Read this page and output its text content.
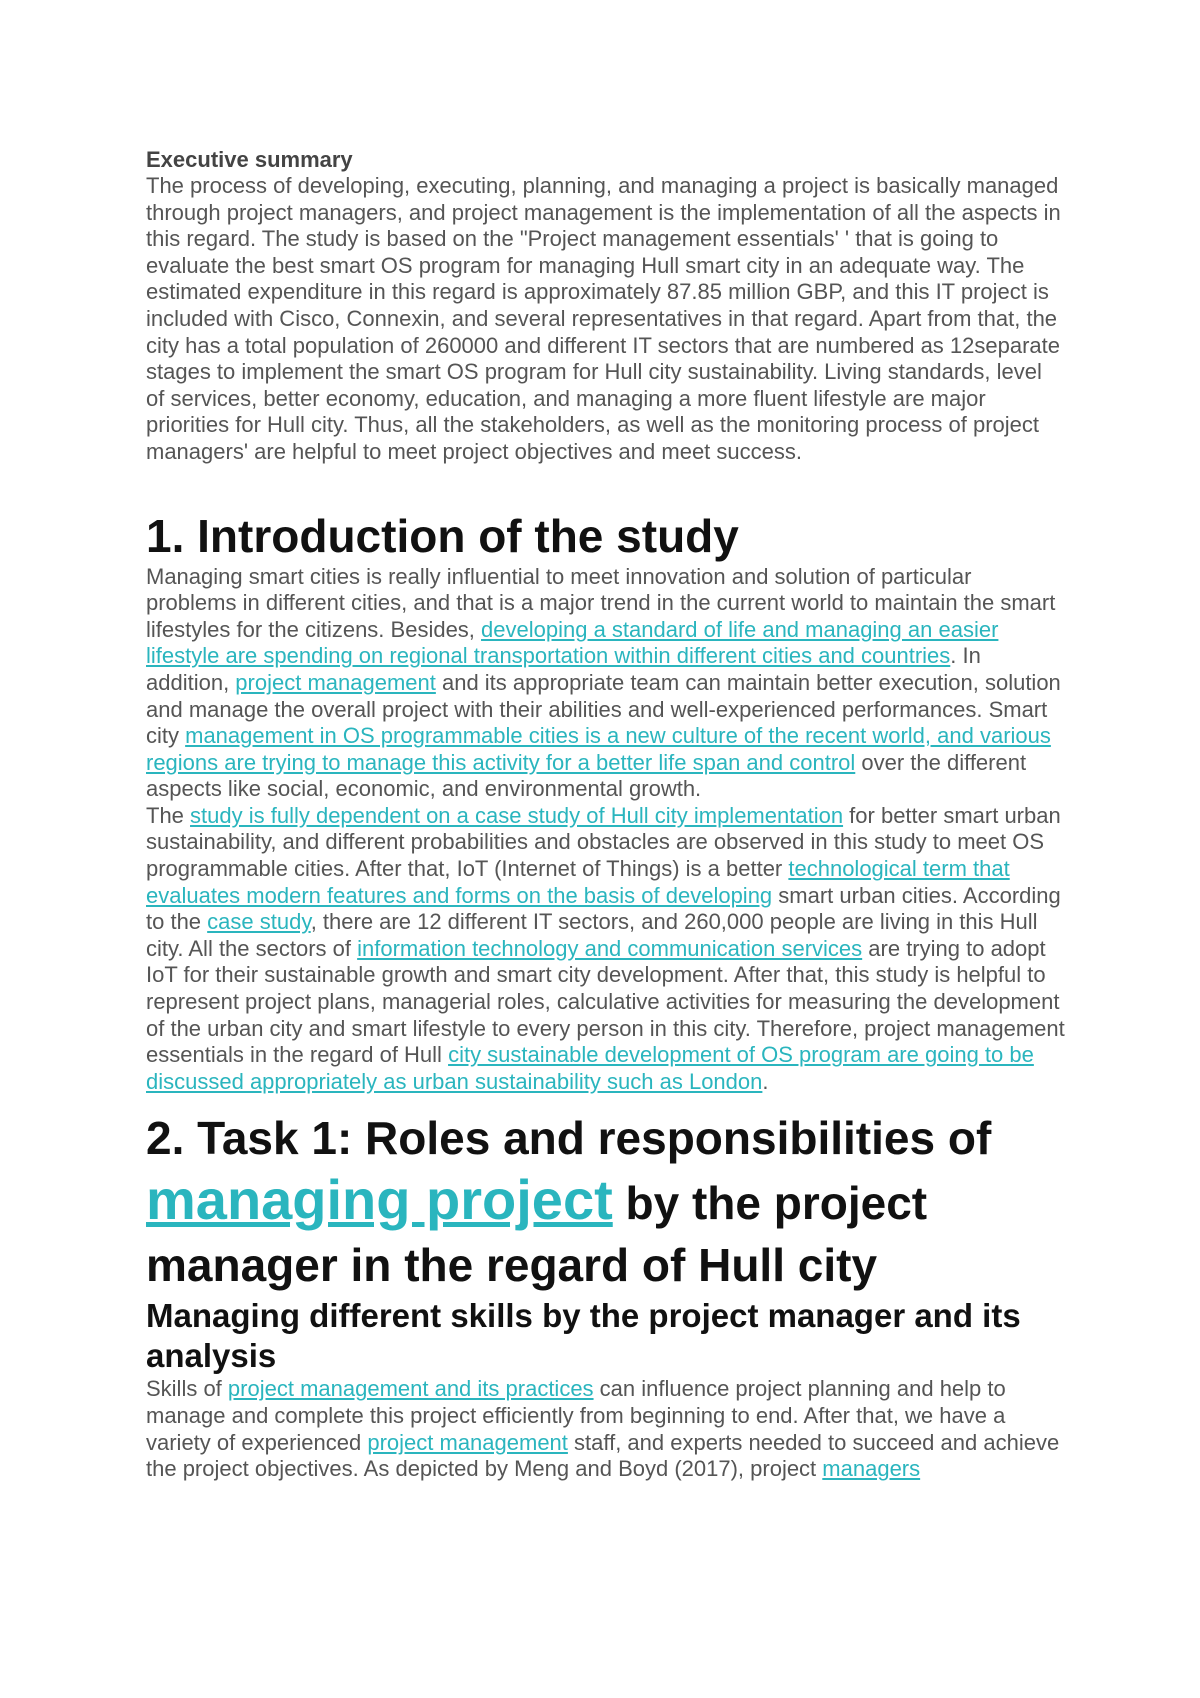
Executive summary

The process of developing, executing, planning, and managing a project is basically managed through project managers, and project management is the implementation of all the aspects in this regard. The study is based on the "Project management essentials' ' that is going to evaluate the best smart OS program for managing Hull smart city in an adequate way. The estimated expenditure in this regard is approximately 87.85 million GBP, and this IT project is included with Cisco, Connexin, and several representatives in that regard. Apart from that, the city has a total population of 260000 and different IT sectors that are numbered as 12separate stages to implement the smart OS program for Hull city sustainability. Living standards, level of services, better economy, education, and managing a more fluent lifestyle are major priorities for Hull city. Thus, all the stakeholders, as well as the monitoring process of project managers' are helpful to meet project objectives and meet success.

1. Introduction of the study

Managing smart cities is really influential to meet innovation and solution of particular problems in different cities, and that is a major trend in the current world to maintain the smart lifestyles for the citizens. Besides, developing a standard of life and managing an easier lifestyle are spending on regional transportation within different cities and countries. In addition, project management and its appropriate team can maintain better execution, solution and manage the overall project with their abilities and well-experienced performances. Smart city management in OS programmable cities is a new culture of the recent world, and various regions are trying to manage this activity for a better life span and control over the different aspects like social, economic, and environmental growth.

The study is fully dependent on a case study of Hull city implementation for better smart urban sustainability, and different probabilities and obstacles are observed in this study to meet OS programmable cities. After that, IoT (Internet of Things) is a better technological term that evaluates modern features and forms on the basis of developing smart urban cities. According to the case study, there are 12 different IT sectors, and 260,000 people are living in this Hull city. All the sectors of information technology and communication services are trying to adopt IoT for their sustainable growth and smart city development. After that, this study is helpful to represent project plans, managerial roles, calculative activities for measuring the development of the urban city and smart lifestyle to every person in this city. Therefore, project management essentials in the regard of Hull city sustainable development of OS program are going to be discussed appropriately as urban sustainability such as London.

2. Task 1: Roles and responsibilities of managing project by the project manager in the regard of Hull city
Managing different skills by the project manager and its analysis

Skills of project management and its practices can influence project planning and help to manage and complete this project efficiently from beginning to end. After that, we have a variety of experienced project management staff, and experts needed to succeed and achieve the project objectives. As depicted by Meng and Boyd (2017), project managers
